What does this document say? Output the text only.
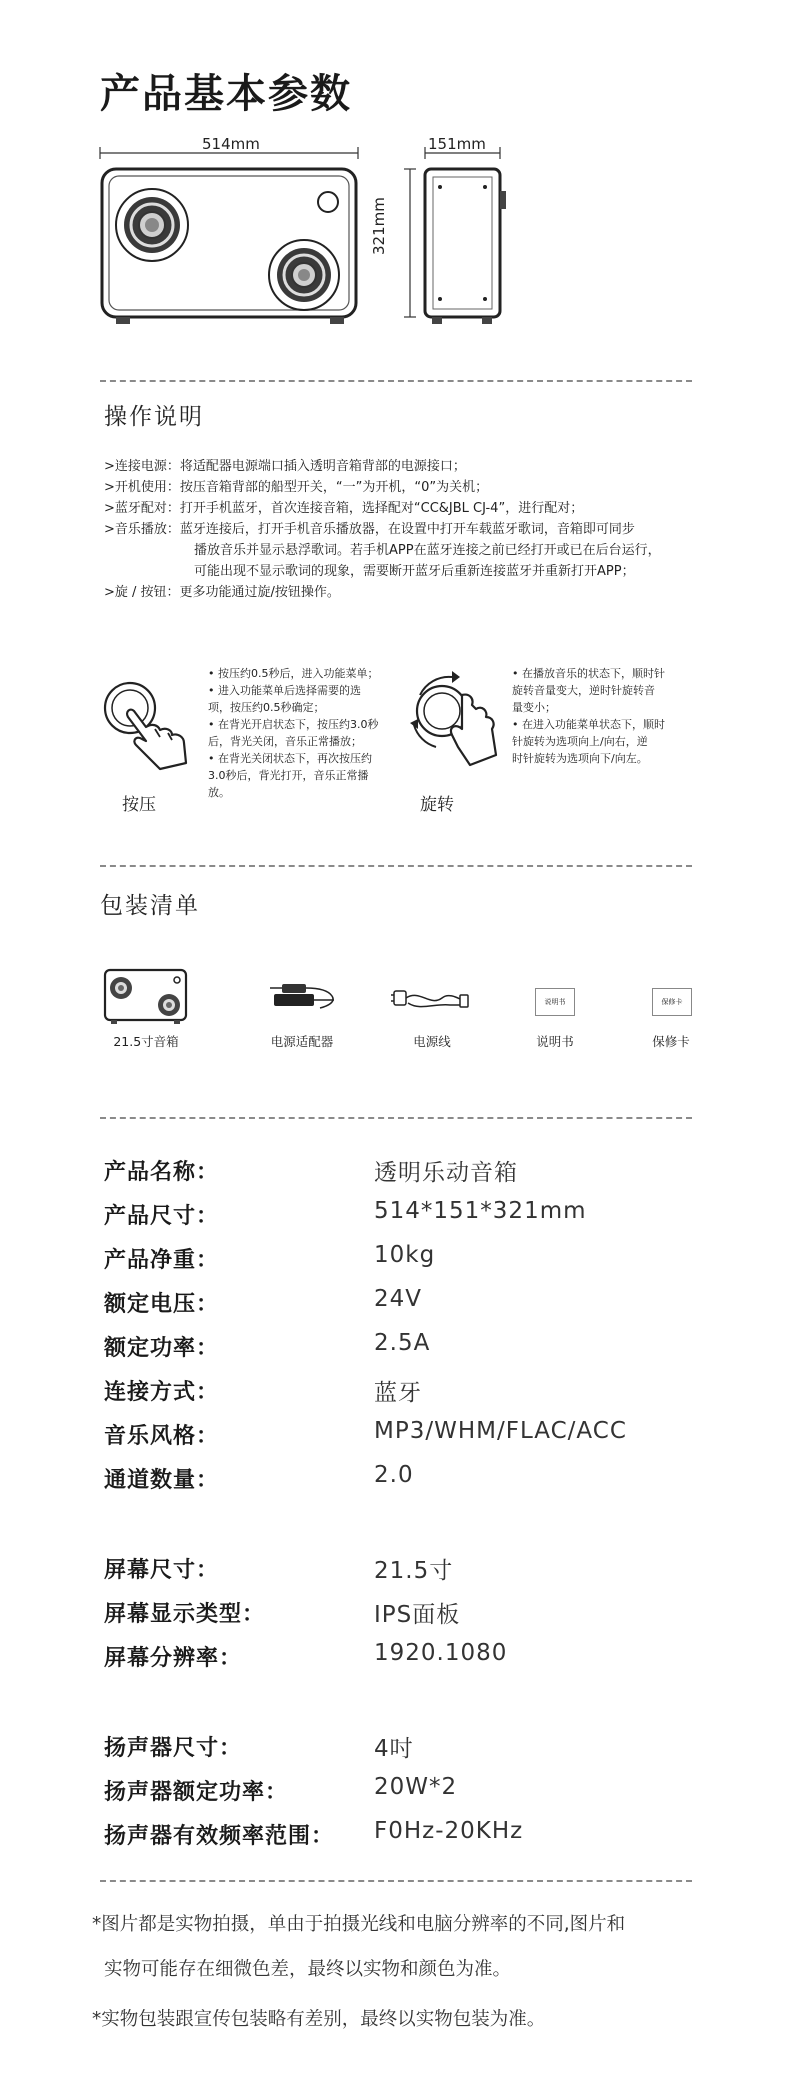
产品基本参数
514mm	151mm
321mm
操作说明
>连接电源：将适配器电源端口插入透明音箱背部的电源接口；
>开机使用：按压音箱背部的船型开关，“一”为开机，“0”为关机；
>蓝牙配对：打开手机蓝牙，首次连接音箱，选择配对“CC&JBL CJ-4”，进行配对；
>音乐播放：蓝牙连接后，打开手机音乐播放器，在设置中打开车载蓝牙歌词，音箱即可同步
播放音乐并显示悬浮歌词。若手机APP在蓝牙连接之前已经打开或已在后台运行，
可能出现不显示歌词的现象，需要断开蓝牙后重新连接蓝牙并重新打开APP；
>旋 / 按钮：更多功能通过旋/按钮操作。
按压
• 按压约0.5秒后，进入功能菜单；
• 进入功能菜单后选择需要的选
项，按压约0.5秒确定；
• 在背光开启状态下，按压约3.0秒
后，背光关闭，音乐正常播放；
• 在背光关闭状态下，再次按压约
3.0秒后，背光打开，音乐正常播
放。
旋转
• 在播放音乐的状态下，顺时针
旋转音量变大，逆时针旋转音
量变小；
• 在进入功能菜单状态下，顺时
针旋转为选项向上/向右，逆
时针旋转为选项向下/向左。
包装清单
21.5寸音箱	电源适配器	电源线
说明书
说明书
保修卡
保修卡
产品名称：	透明乐动音箱
产品尺寸：	514*151*321mm
产品净重：	10kg
额定电压：	24V
额定功率：	2.5A
连接方式：	蓝牙
音乐风格：	MP3/WHM/FLAC/ACC
通道数量：	2.0
屏幕尺寸：	21.5寸
屏幕显示类型：	IPS面板
屏幕分辨率：	1920.1080
扬声器尺寸：	4吋
扬声器额定功率：	20W*2
扬声器有效频率范围： F0Hz-20KHz
*图片都是实物拍摄，单由于拍摄光线和电脑分辨率的不同,图片和
实物可能存在细微色差，最终以实物和颜色为准。
*实物包装跟宣传包装略有差别，最终以实物包装为准。
